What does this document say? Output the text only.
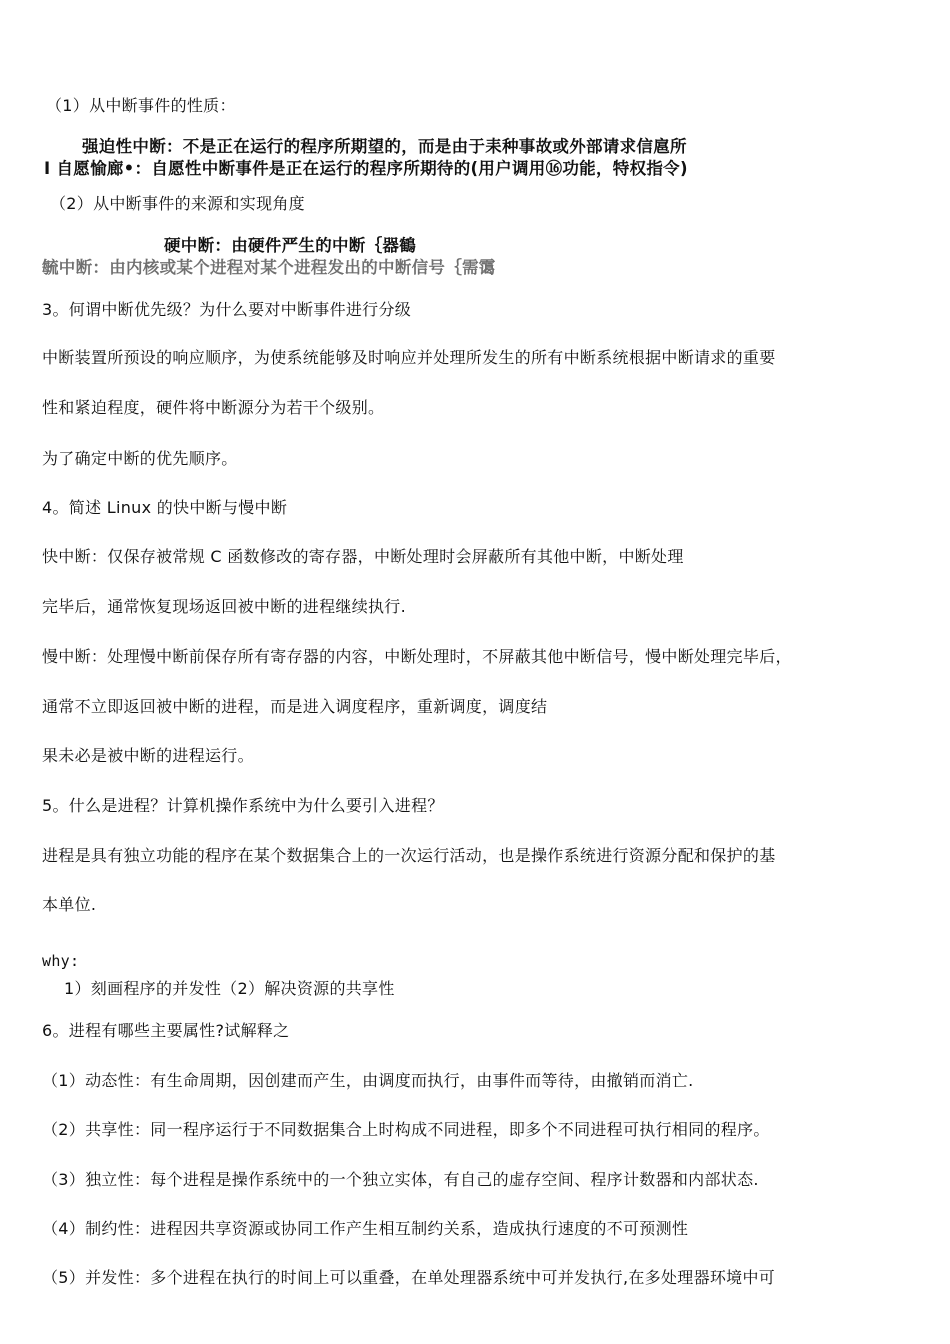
（1）从中断事件的性质：
强迫性中断：不是正在运行的程序所期望的，而是由于耒种事故或外部请求信扈所
I 自愿愉廊•：自愿性中断事件是正在运行的程序所期待的(用户调用⑯功能，特权指令)
（2）从中断事件的来源和实现角度
硬中断：由硬件严生的中断｛器鶴
毓中断：由内核或某个进程对某个进程发出的中断信号｛需霭
3。何谓中断优先级？为什么要对中断事件进行分级
中断装置所预设的响应顺序，为使系统能够及时响应并处理所发生的所有中断系统根据中断请求的重要
性和紧迫程度，硬件将中断源分为若干个级别。
为了确定中断的优先顺序。
4。简述 Linux 的快中断与慢中断
快中断：仅保存被常规 C 函数修改的寄存器，中断处理时会屏蔽所有其他中断，中断处理
完毕后，通常恢复现场返回被中断的进程继续执行.
慢中断：处理慢中断前保存所有寄存器的内容，中断处理时，不屏蔽其他中断信号，慢中断处理完毕后，
通常不立即返回被中断的进程，而是进入调度程序，重新调度，调度结
果未必是被中断的进程运行。
5。什么是进程？计算机操作系统中为什么要引入进程？
进程是具有独立功能的程序在某个数据集合上的一次运行活动，也是操作系统进行资源分配和保护的基
本单位.
why:
1）刻画程序的并发性（2）解决资源的共享性
6。进程有哪些主要属性?试解释之
（1）动态性：有生命周期，因创建而产生，由调度而执行，由事件而等待，由撤销而消亡.
（2）共享性：同一程序运行于不同数据集合上时构成不同进程，即多个不同进程可执行相同的程序。
（3）独立性：每个进程是操作系统中的一个独立实体，有自己的虚存空间、程序计数器和内部状态.
（4）制约性：进程因共享资源或协同工作产生相互制约关系，造成执行速度的不可预测性
（5）并发性：多个进程在执行的时间上可以重叠，在单处理器系统中可并发执行,在多处理器环境中可
